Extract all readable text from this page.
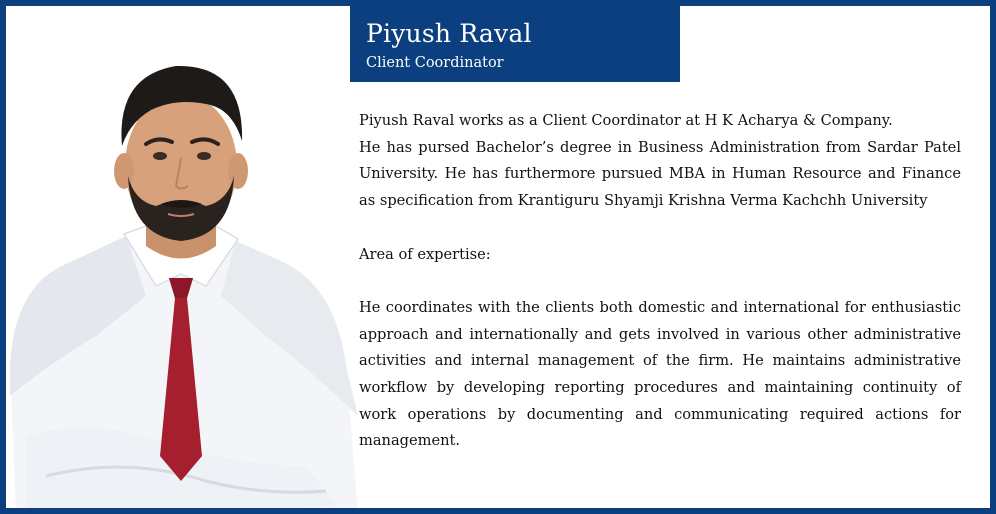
Piyush Raval
Client Coordinator

Piyush Raval works as a Client Coordinator at H K Acharya & Company.

He has pursed Bachelor’s degree in Business Administration from Sardar Patel University. He has furthermore pursued MBA in Human Resource and Finance as specification from Krantiguru Shyamji Krishna Verma Kachchh University

Area of expertise:

He coordinates with the clients both domestic and international for enthusiastic approach and internationally and gets involved in various other administrative activities and internal management of the firm. He maintains administrative workflow by developing reporting procedures and maintaining continuity of work operations by documenting and communicating required actions for management.
